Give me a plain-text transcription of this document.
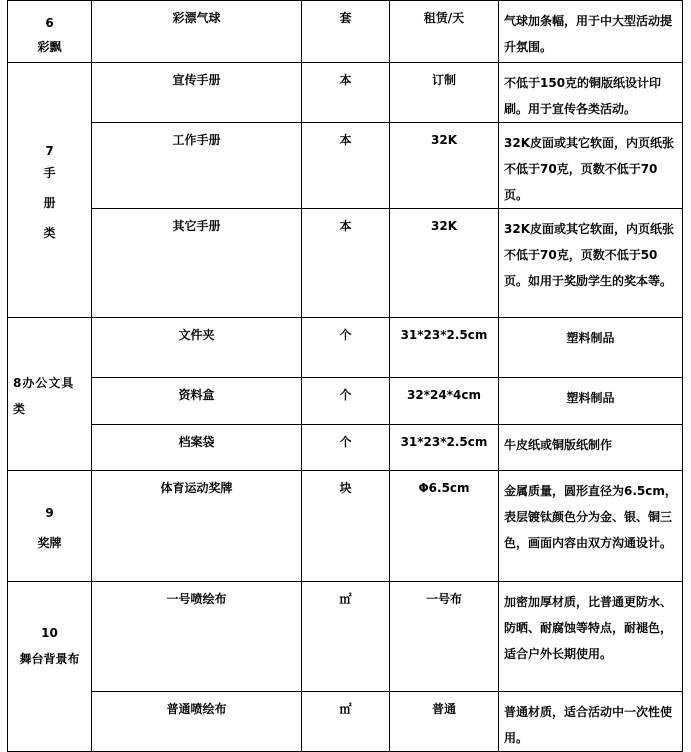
6
彩飘	彩漂气球	套	租赁/天	气球加条幅，用于中大型活动提升氛围。

7
手
册
类	宣传手册	本	订制	不低于150克的铜版纸设计印刷。用于宣传各类活动。
	工作手册	本	32K	32K皮面或其它软面，内页纸张不低于70克，页数不低于70页。
	其它手册	本	32K	32K皮面或其它软面，内页纸张不低于70克，页数不低于50页。如用于奖励学生的奖本等。

8办公文具
类	文件夹	个	31*23*2.5cm	塑料制品
	资料盒	个	32*24*4cm	塑料制品
	档案袋	个	31*23*2.5cm	牛皮纸或铜版纸制作

9
奖牌	体育运动奖牌	块	Φ6.5cm	金属质量，圆形直径为6.5cm，表层镀钛颜色分为金、银、铜三色，画面内容由双方沟通设计。

10
舞台背景布	一号喷绘布	㎡	一号布	加密加厚材质，比普通更防水、防晒、耐腐蚀等特点，耐褪色，适合户外长期使用。
	普通喷绘布	㎡	普通	普通材质，适合活动中一次性使用。
